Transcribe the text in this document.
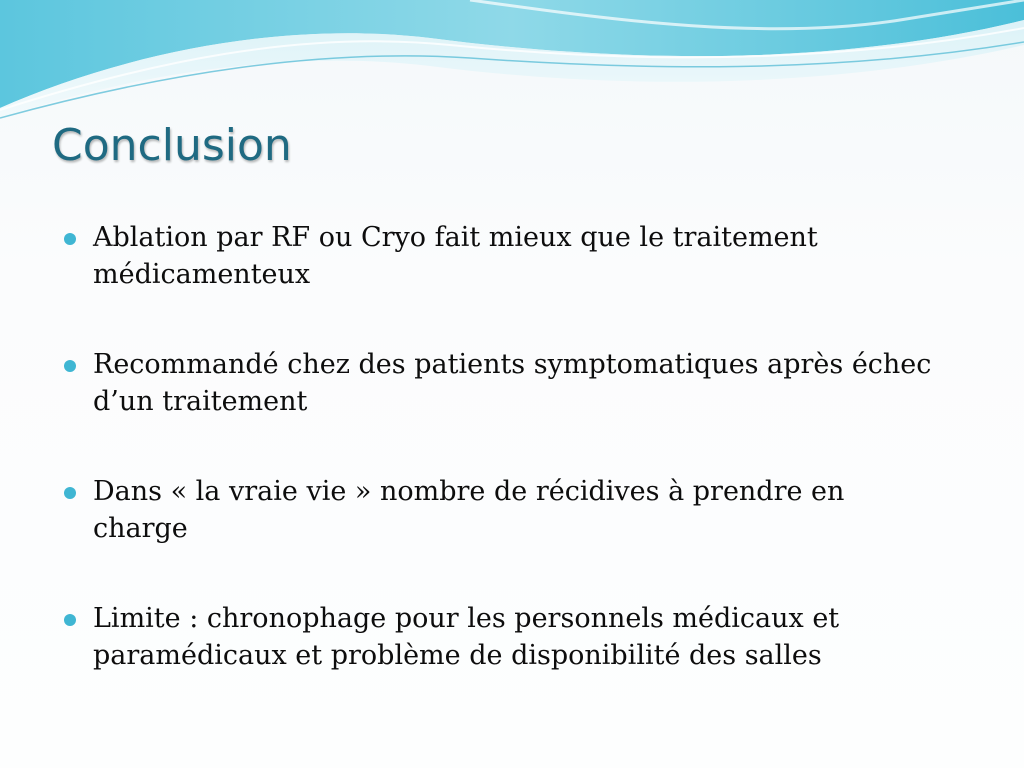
Conclusion
Ablation par RF ou Cryo fait mieux que le traitement médicamenteux
Recommandé chez des patients symptomatiques après échec d’un traitement
Dans « la vraie vie » nombre de récidives à prendre en charge
Limite : chronophage pour les personnels médicaux et paramédicaux et problème de disponibilité des salles
